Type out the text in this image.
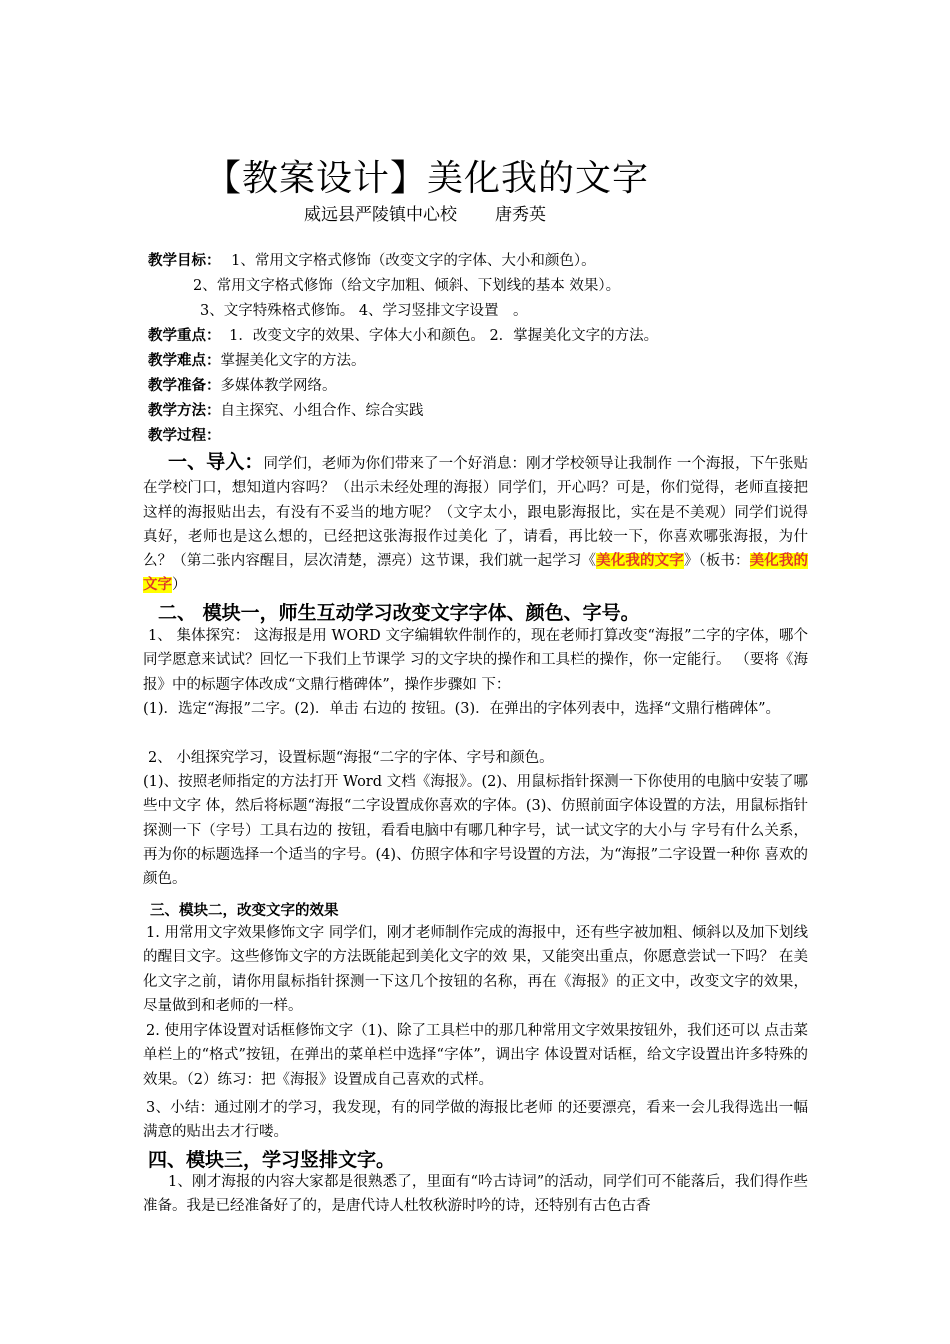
【教案设计】美化我的文字
威远县严陵镇中心校 唐秀英
教学目标： 1、常用文字格式修饰（改变文字的字体、大小和颜色）。
2、常用文字格式修饰（给文字加粗、倾斜、下划线的基本 效果）。
3、文字特殊格式修饰。 4、学习竖排文字设置　。
教学重点： 1．改变文字的效果、字体大小和颜色。 2．掌握美化文字的方法。
教学难点：掌握美化文字的方法。
教学准备：多媒体教学网络。
教学方法：自主探究、小组合作、综合实践
教学过程：
一、导入：同学们，老师为你们带来了一个好消息：刚才学校领导让我制作 一个海报，下午张贴在学校门口，想知道内容吗？（出示未经处理的海报）同学们，开心吗？可是，你们觉得，老师直接把这样的海报贴出去，有没有不妥当的地方呢？（文字太小，跟电影海报比，实在是不美观）同学们说得真好，老师也是这么想的，已经把这张海报作过美化 了，请看，再比较一下，你喜欢哪张海报，为什么？（第二张内容醒目，层次清楚，漂亮）这节课，我们就一起学习《美化我的文字》（板书：美化我的文字）
二、 模块一，师生互动学习改变文字字体、颜色、字号。
1、 集体探究： 这海报是用 WORD 文字编辑软件制作的，现在老师打算改变“海报”二字的字体，哪个同学愿意来试试？回忆一下我们上节课学 习的文字块的操作和工具栏的操作，你一定能行。 （要将《海报》中的标题字体改成“文鼎行楷碑体”，操作步骤如 下：
(1)．选定“海报”二字。(2)．单击 右边的 按钮。(3)．在弹出的字体列表中，选择“文鼎行楷碑体”。
2、 小组探究学习，设置标题“海报“二字的字体、字号和颜色。
(1)、按照老师指定的方法打开 Word 文档《海报》。(2)、用鼠标指针探测一下你使用的电脑中安装了哪些中文字 体，然后将标题“海报“二字设置成你喜欢的字体。(3)、仿照前面字体设置的方法，用鼠标指针探测一下（字号）工具右边的 按钮，看看电脑中有哪几种字号，试一试文字的大小与 字号有什么关系，再为你的标题选择一个适当的字号。(4)、仿照字体和字号设置的方法，为“海报”二字设置一种你 喜欢的颜色。
三、模块二，改变文字的效果
1. 用常用文字效果修饰文字 同学们，刚才老师制作完成的海报中，还有些字被加粗、倾斜以及加下划线的醒目文字。这些修饰文字的方法既能起到美化文字的效 果，又能突出重点，你愿意尝试一下吗？ 在美化文字之前，请你用鼠标指针探测一下这几个按钮的名称，再在《海报》的正文中，改变文字的效果，尽量做到和老师的一样。
2. 使用字体设置对话框修饰文字（1)、除了工具栏中的那几种常用文字效果按钮外，我们还可以 点击菜单栏上的“格式”按钮，在弹出的菜单栏中选择“字体”，调出字 体设置对话框，给文字设置出许多特殊的效果。（2）练习：把《海报》设置成自己喜欢的式样。
3、小结：通过刚才的学习，我发现，有的同学做的海报比老师 的还要漂亮，看来一会儿我得选出一幅满意的贴出去才行喽。
四、模块三，学习竖排文字。
1、刚才海报的内容大家都是很熟悉了，里面有“吟古诗词”的活动，同学们可不能落后，我们得作些准备。我是已经准备好了的，是唐代诗人杜牧秋游时吟的诗，还特别有古色古香
